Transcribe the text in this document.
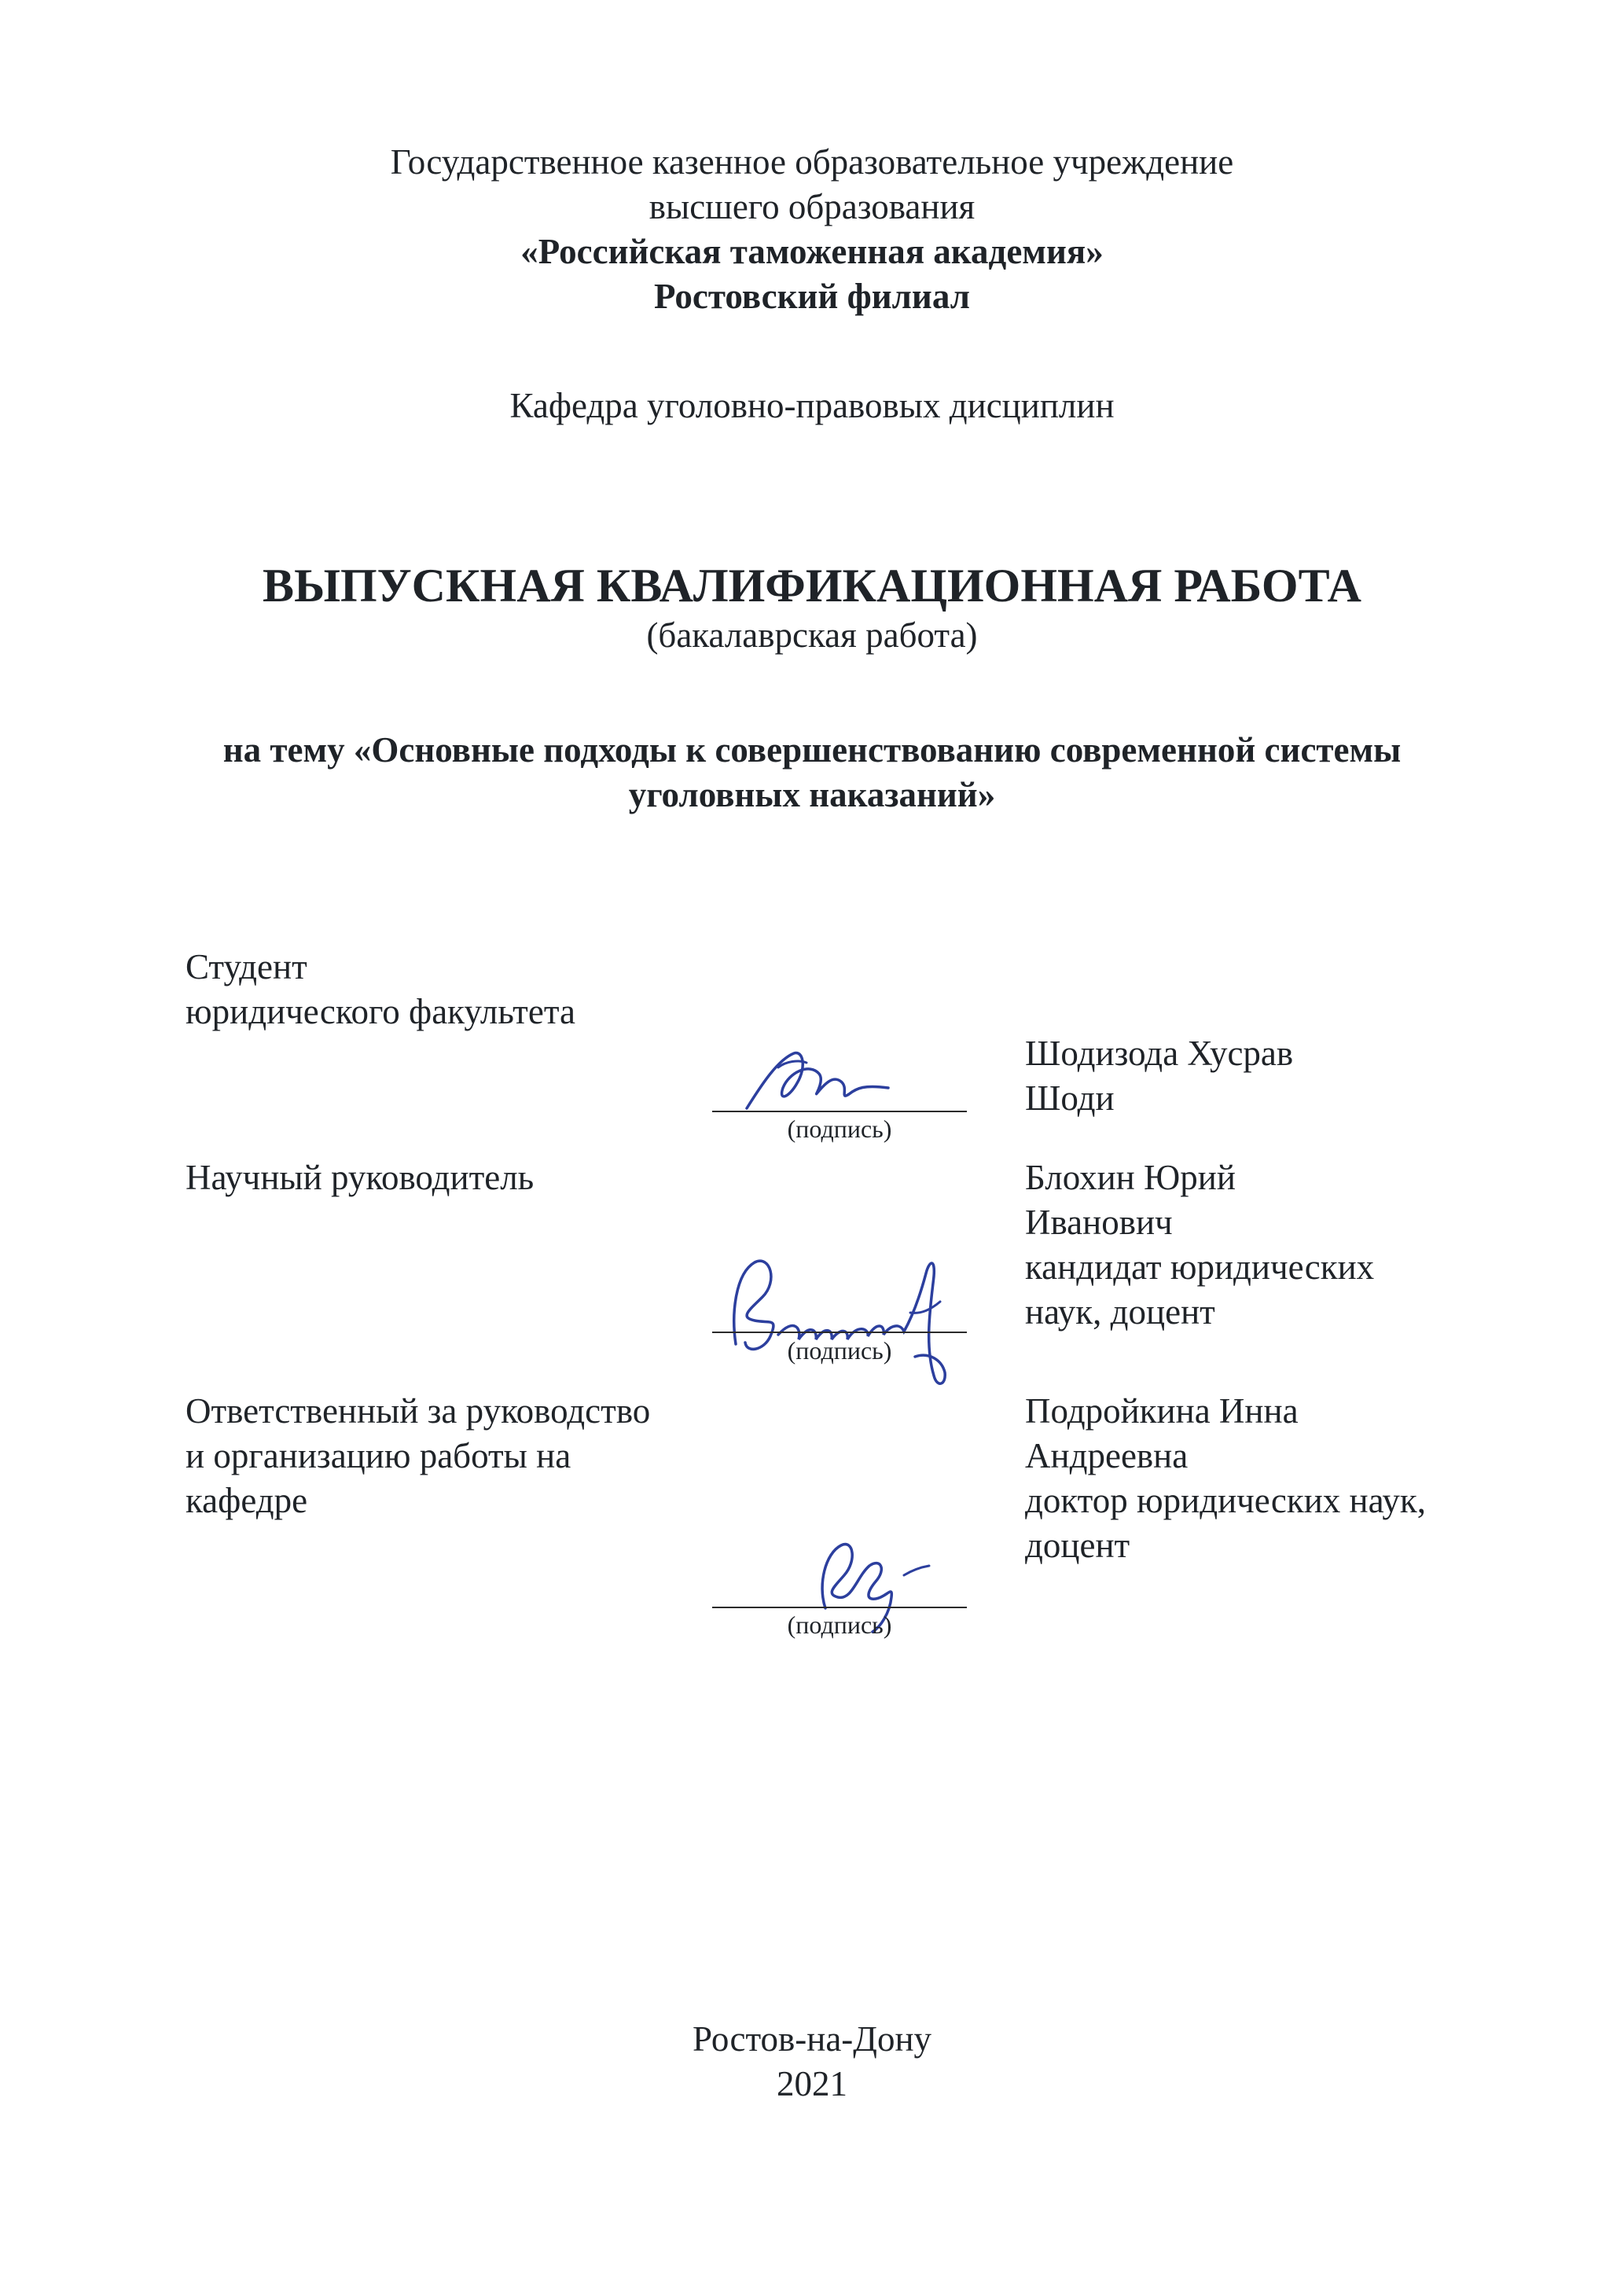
Государственное казенное образовательное учреждение
высшего образования
«Российская таможенная академия»
Ростовский филиал
Кафедра уголовно-правовых дисциплин
ВЫПУСКНАЯ КВАЛИФИКАЦИОННАЯ РАБОТА
(бакалаврская работа)
на тему «Основные подходы к совершенствованию современной системы
уголовных наказаний»
Студент
юридического факультета
Шодизода Хусрав
Шоди
(подпись)
Научный руководитель	Блохин Юрий
Иванович
кандидат юридических
наук, доцент
(подпись)
Ответственный за руководство
и организацию работы на
кафедре
Подройкина Инна
Андреевна
доктор юридических наук,
доцент
(подпись)
Ростов-на-Дону
2021
